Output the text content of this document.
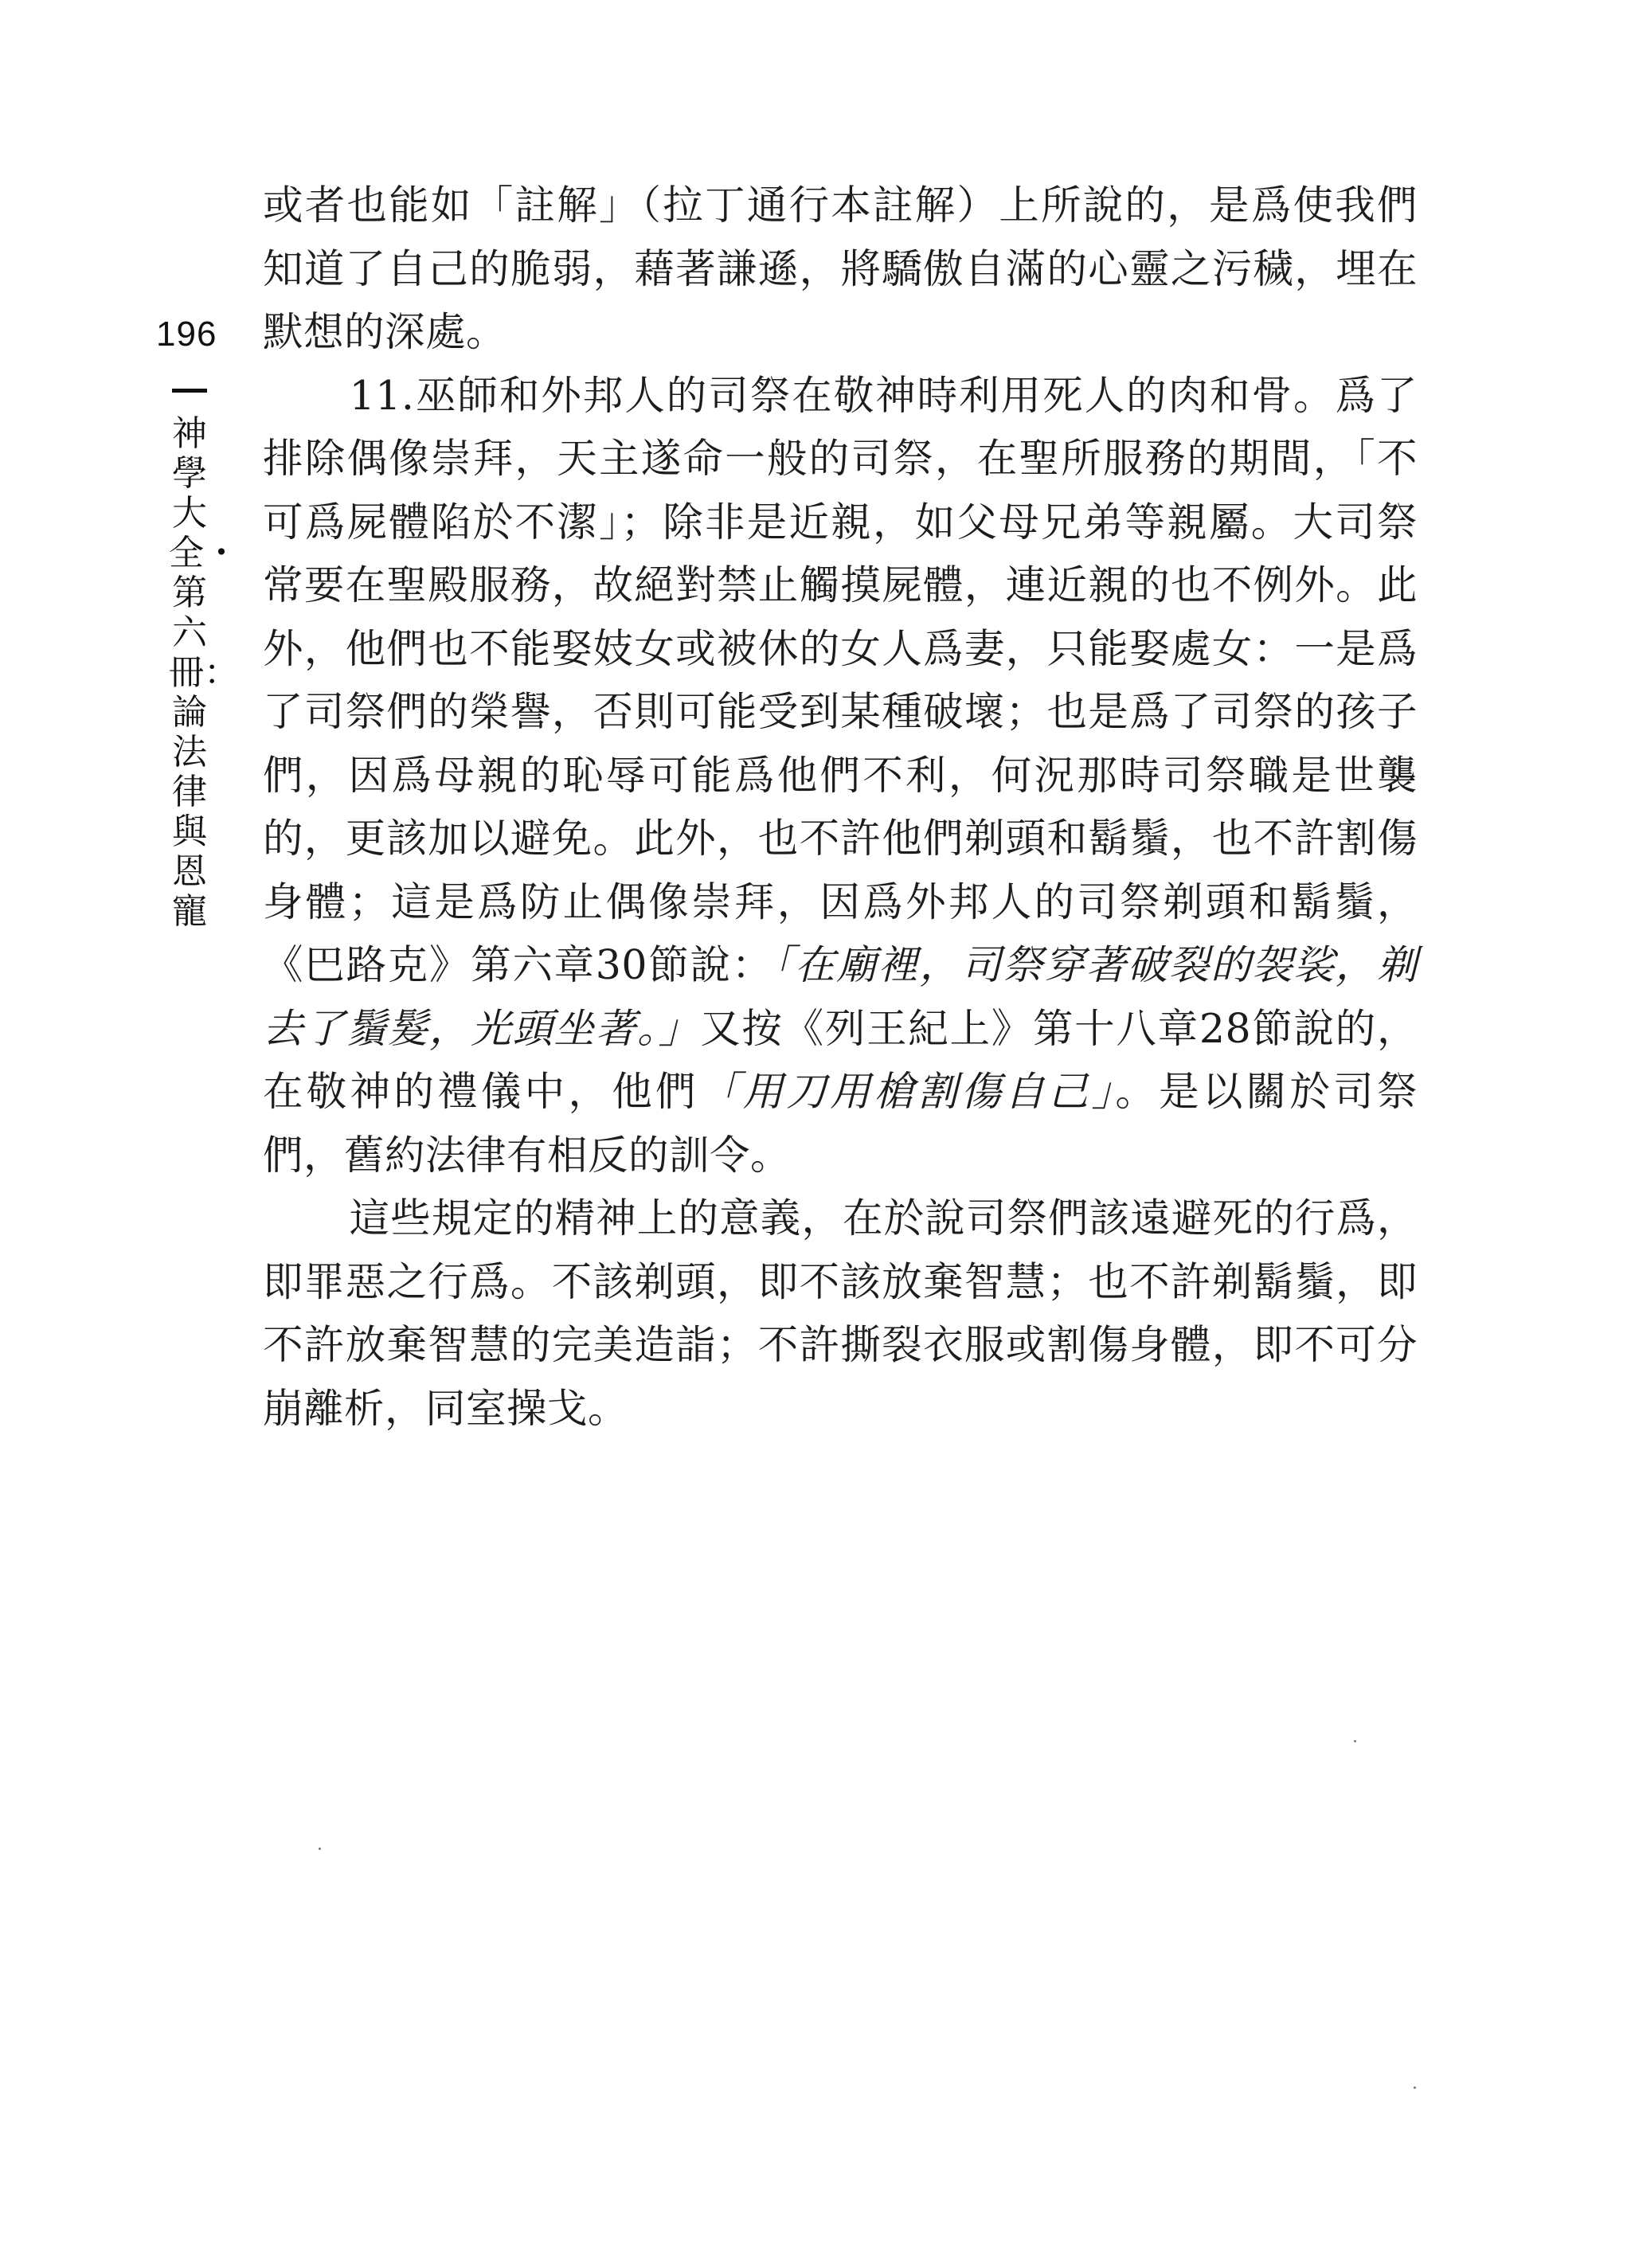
196
神學大全・第六冊：論法律與恩寵

或者也能如「註解」（拉丁通行本註解）上所說的，是爲使我們知道了自己的脆弱，藉著謙遜，將驕傲自滿的心靈之污穢，埋在默想的深處。

11.巫師和外邦人的司祭在敬神時利用死人的肉和骨。爲了排除偶像崇拜，天主遂命一般的司祭，在聖所服務的期間，「不可爲屍體陷於不潔」；除非是近親，如父母兄弟等親屬。大司祭常要在聖殿服務，故絕對禁止觸摸屍體，連近親的也不例外。此外，他們也不能娶妓女或被休的女人爲妻，只能娶處女：一是爲了司祭們的榮譽，否則可能受到某種破壞；也是爲了司祭的孩子們，因爲母親的恥辱可能爲他們不利，何況那時司祭職是世襲的，更該加以避免。此外，也不許他們剃頭和鬍鬚，也不許割傷身體；這是爲防止偶像崇拜，因爲外邦人的司祭剃頭和鬍鬚，《巴路克》第六章30節說：「在廟裡，司祭穿著破裂的袈裟，剃去了鬚髮，光頭坐著。」又按《列王紀上》第十八章28節說的，在敬神的禮儀中，他們「用刀用槍割傷自己」。是以關於司祭們，舊約法律有相反的訓令。

這些規定的精神上的意義，在於說司祭們該遠避死的行爲，即罪惡之行爲。不該剃頭，即不該放棄智慧；也不許剃鬍鬚，即不許放棄智慧的完美造詣；不許撕裂衣服或割傷身體，即不可分崩離析，同室操戈。
